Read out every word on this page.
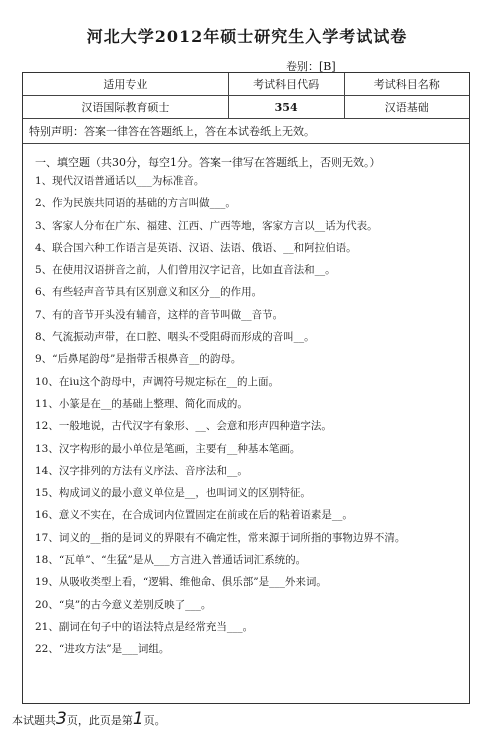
河北大学2012年硕士研究生入学考试试卷
卷别：[B]
适用专业	考试科目代码	考试科目名称
汉语国际教育硕士	354	汉语基础
特别声明：答案一律答在答题纸上，答在本试卷纸上无效。
一、填空题（共30分，每空1分。答案一律写在答题纸上，否则无效。）
1、现代汉语普通话以___为标准音。
2、作为民族共同语的基础的方言叫做___。
3、客家人分布在广东、福建、江西、广西等地，客家方言以__话为代表。
4、联合国六种工作语言是英语、汉语、法语、俄语、__和阿拉伯语。
5、在使用汉语拼音之前，人们曾用汉字记音，比如直音法和__。
6、有些轻声音节具有区别意义和区分__的作用。
7、有的音节开头没有辅音，这样的音节叫做__音节。
8、气流振动声带，在口腔、咽头不受阻碍而形成的音叫__。
9、“后鼻尾韵母”是指带舌根鼻音__的韵母。
10、在iu这个韵母中，声调符号规定标在__的上面。
11、小篆是在__的基础上整理、简化而成的。
12、一般地说，古代汉字有象形、__、会意和形声四种造字法。
13、汉字构形的最小单位是笔画，主要有__种基本笔画。
14、汉字排列的方法有义序法、音序法和__。
15、构成词义的最小意义单位是__，也叫词义的区别特征。
16、意义不实在，在合成词内位置固定在前或在后的粘着语素是__。
17、词义的__指的是词义的界限有不确定性，常来源于词所指的事物边界不清。
18、“瓦单”、“生猛”是从___方言进入普通话词汇系统的。
19、从吸收类型上看，“逻辑、维他命、俱乐部”是___外来词。
20、“臭”的古今意义差别反映了___。
21、副词在句子中的语法特点是经常充当___。
22、“进攻方法”是___词组。
本试题共3页，此页是第1页。
